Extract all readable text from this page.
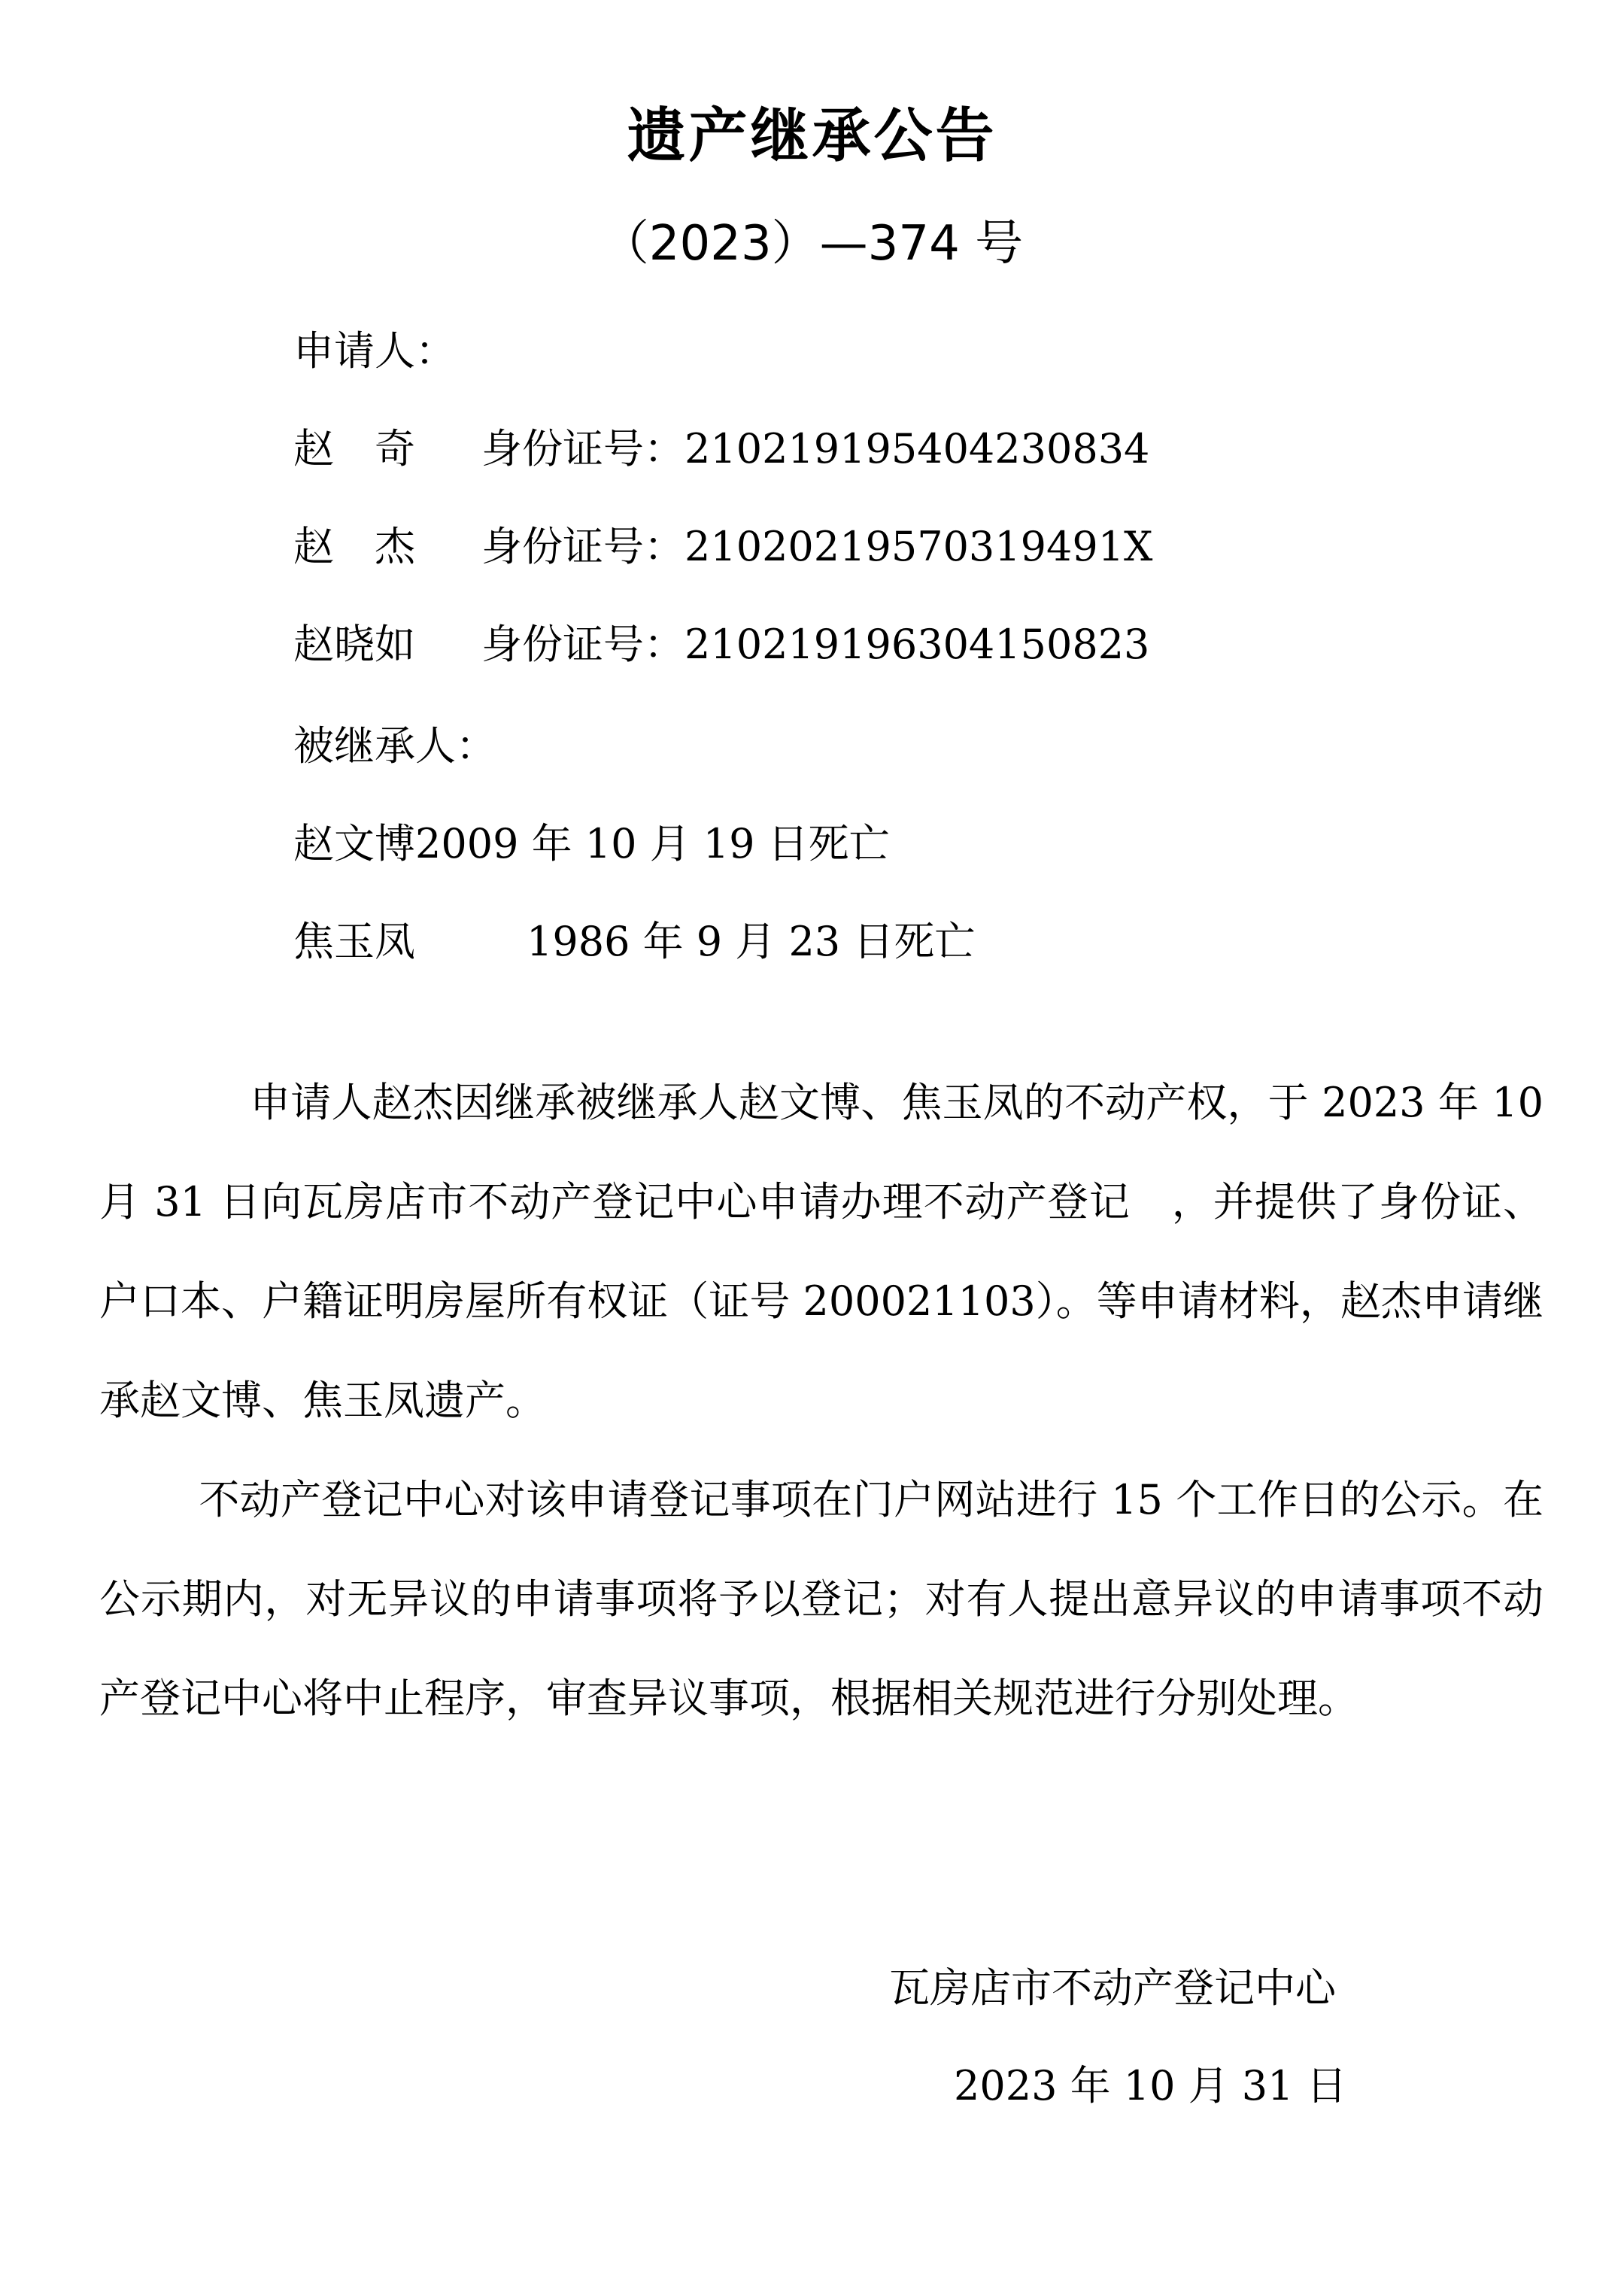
遗产继承公告
（2023）—374 号
申请人：
赵　奇 身份证号：210219195404230834
赵　杰 身份证号：21020219570319491X
赵晓如 身份证号：210219196304150823
被继承人：
赵文博2009 年 10 月 19 日死亡
焦玉凤	1986 年 9 月 23 日死亡

申请人赵杰因继承被继承人赵文博、焦玉凤的不动产权，于 2023 年 10 月 31 日向瓦房店市不动产登记中心申请办理不动产登记　，并提供了身份证、户口本、户籍证明房屋所有权证（证号 200021103）。等申请材料，赵杰申请继承赵文博、焦玉凤遗产。

不动产登记中心对该申请登记事项在门户网站进行 15 个工作日的公示。在公示期内，对无异议的申请事项将予以登记；对有人提出意异议的申请事项不动产登记中心将中止程序，审查异议事项，根据相关规范进行分别处理。

瓦房店市不动产登记中心
2023 年 10 月 31 日
